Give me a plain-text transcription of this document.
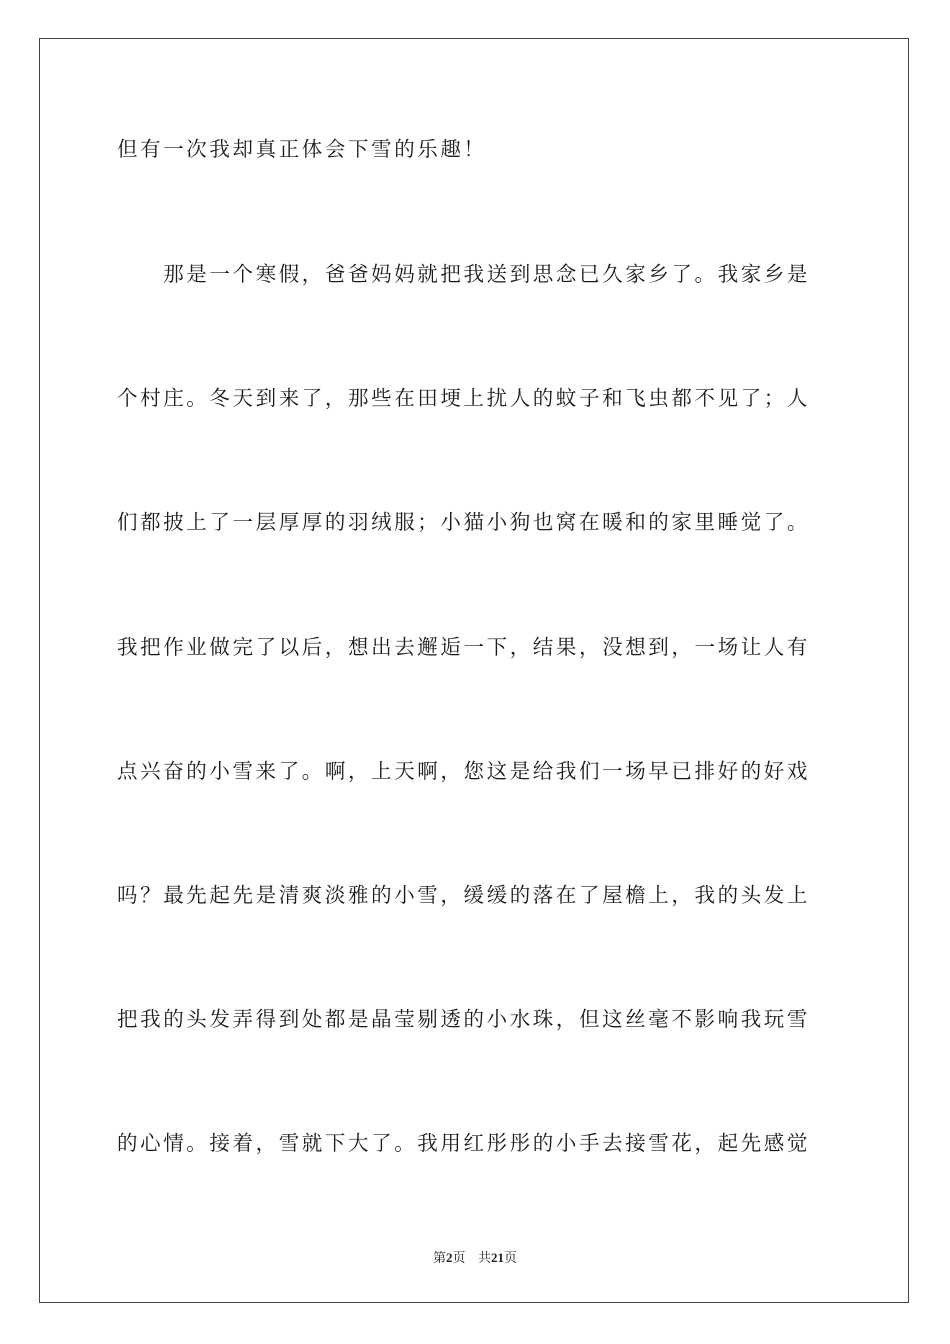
但有一次我却真正体会下雪的乐趣！
　　那是一个寒假，爸爸妈妈就把我送到思念已久家乡了。我家乡是
个村庄。冬天到来了，那些在田埂上扰人的蚊子和飞虫都不见了；人
们都披上了一层厚厚的羽绒服；小猫小狗也窝在暖和的家里睡觉了。
我把作业做完了以后，想出去邂逅一下，结果，没想到，一场让人有
点兴奋的小雪来了。啊，上天啊，您这是给我们一场早已排好的好戏
吗？最先起先是清爽淡雅的小雪，缓缓的落在了屋檐上，我的头发上
把我的头发弄得到处都是晶莹剔透的小水珠，但这丝毫不影响我玩雪
的心情。接着，雪就下大了。我用红彤彤的小手去接雪花，起先感觉
第2页 共21页
